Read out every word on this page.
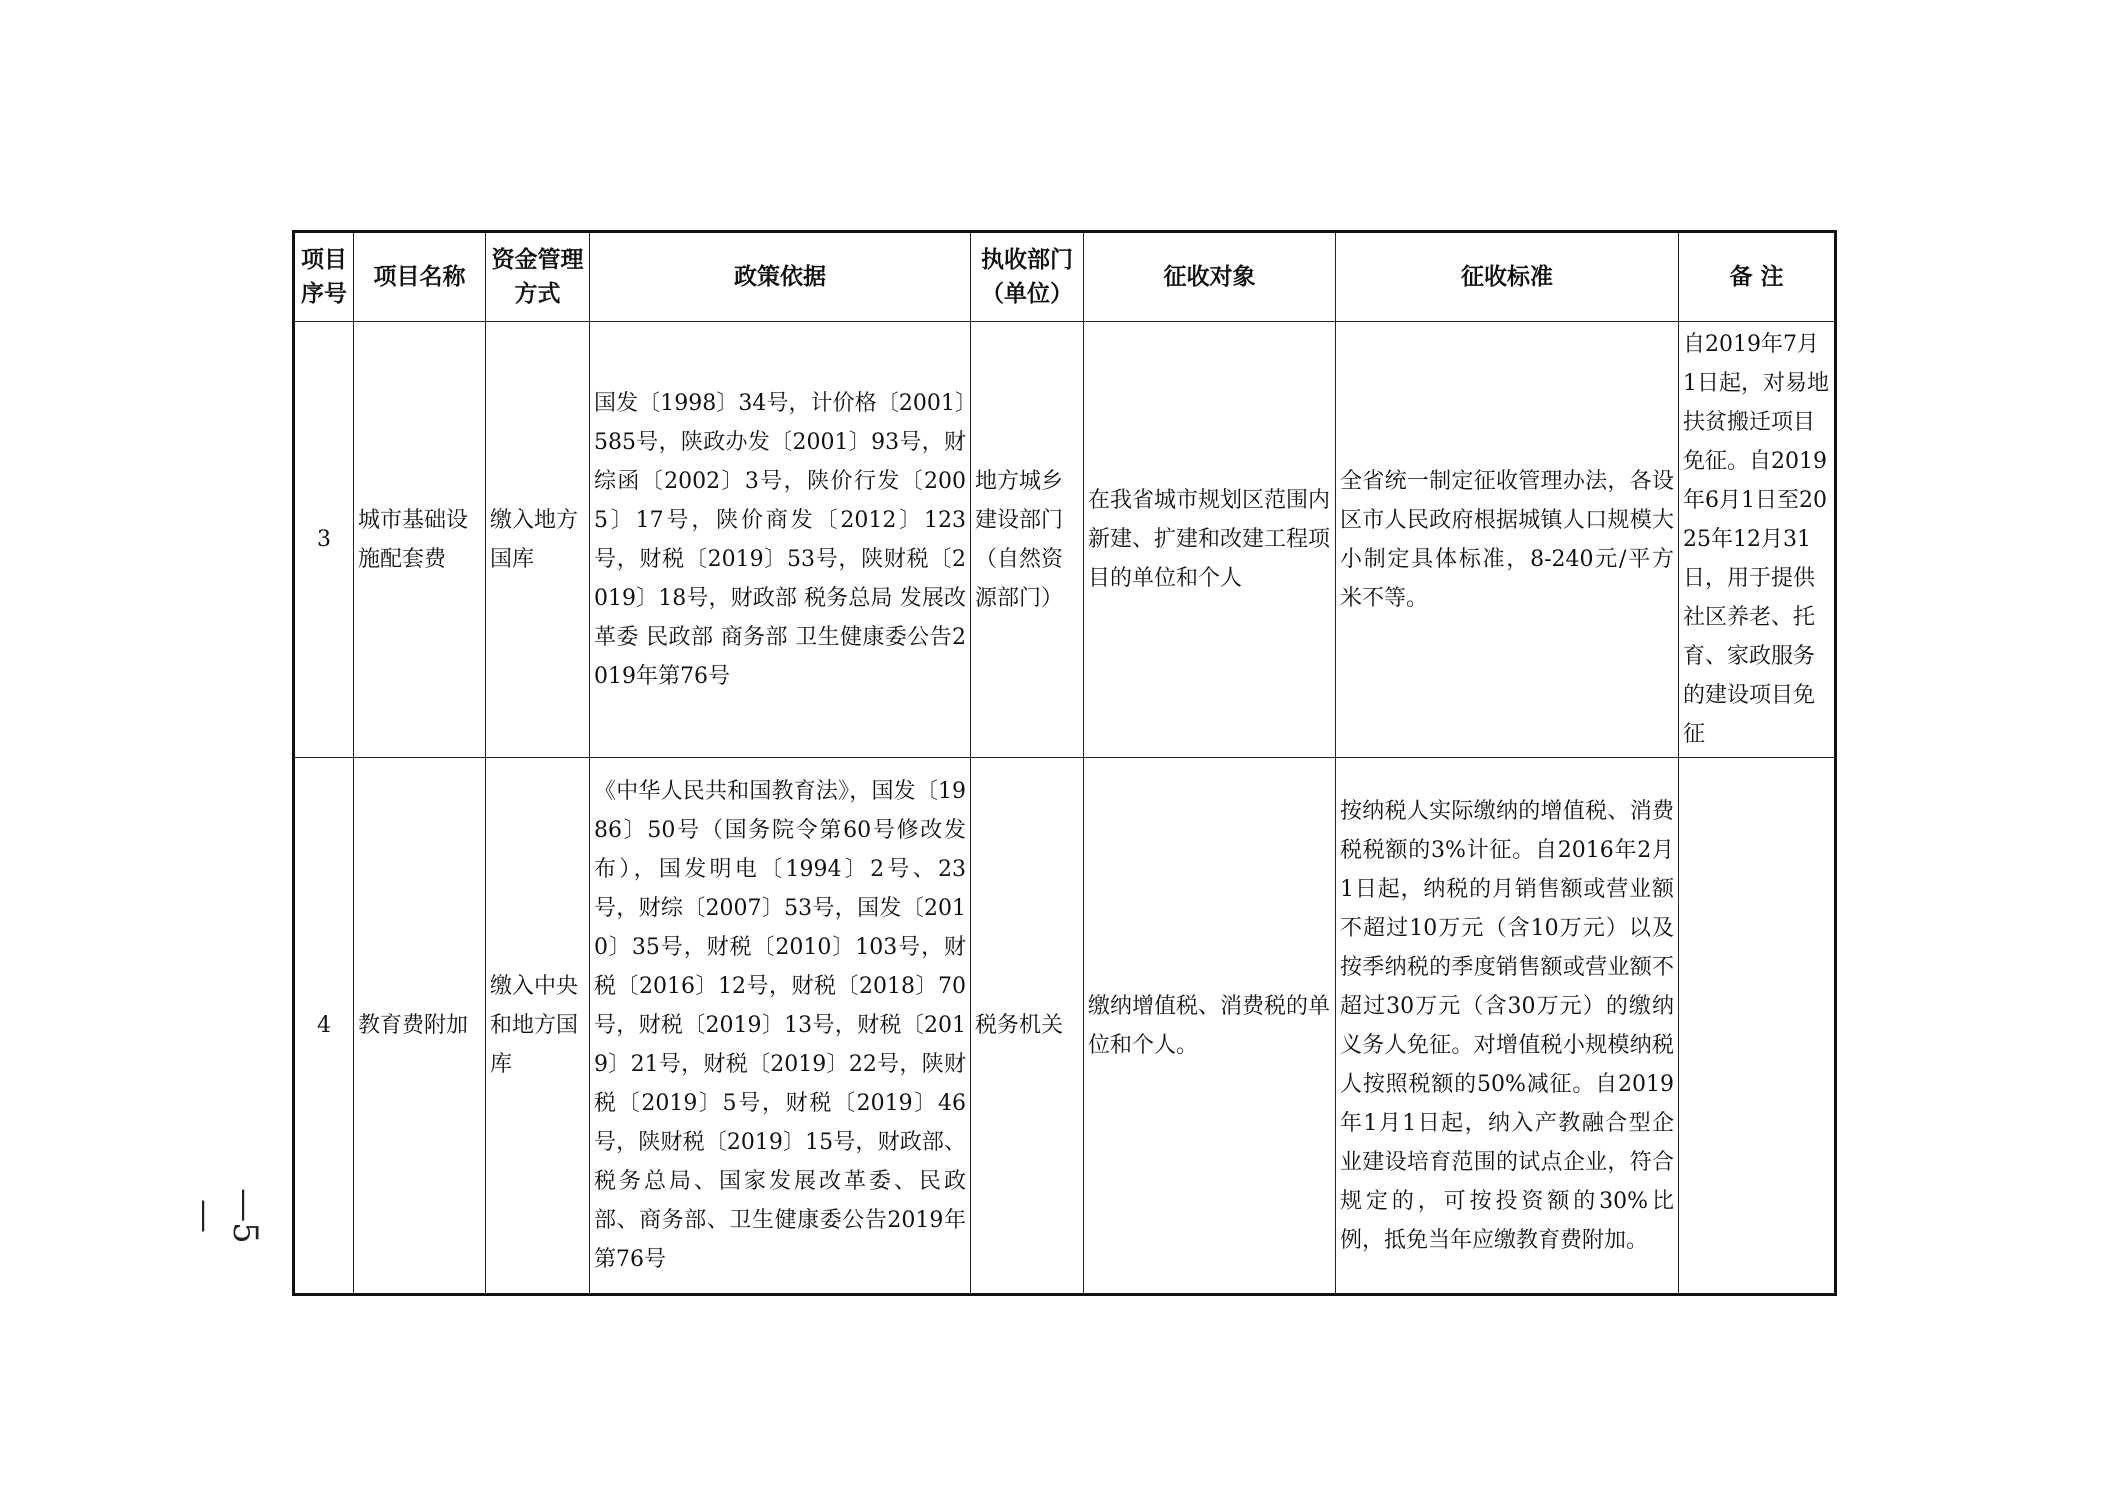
项目序号	项目名称	资金管理方式	政策依据	执收部门（单位）	征收对象	征收标准	备 注
3	城市基础设施配套费	缴入地方国库	国发〔1998〕34号，计价格〔2001〕585号，陕政办发〔2001〕93号，财综函〔2002〕3号，陕价行发〔2005〕17号，陕价商发〔2012〕123号，财税〔2019〕53号，陕财税〔2019〕18号，财政部 税务总局 发展改革委 民政部 商务部 卫生健康委公告2019年第76号	地方城乡建设部门（自然资源部门）	在我省城市规划区范围内新建、扩建和改建工程项目的单位和个人	全省统一制定征收管理办法，各设区市人民政府根据城镇人口规模大小制定具体标准，8-240元/平方米不等。	自2019年7月1日起，对易地扶贫搬迁项目免征。自2019年6月1日至2025年12月31日，用于提供社区养老、托育、家政服务的建设项目免征
4	教育费附加	缴入中央和地方国库	《中华人民共和国教育法》，国发〔1986〕50号（国务院令第60号修改发布），国发明电〔1994〕2号、23号，财综〔2007〕53号，国发〔2010〕35号，财税〔2010〕103号，财税〔2016〕12号，财税〔2018〕70号，财税〔2019〕13号，财税〔2019〕21号，财税〔2019〕22号，陕财税〔2019〕5号，财税〔2019〕46号，陕财税〔2019〕15号，财政部、税务总局、国家发展改革委、民政部、商务部、卫生健康委公告2019年第76号	税务机关	缴纳增值税、消费税的单位和个人。	按纳税人实际缴纳的增值税、消费税税额的3%计征。自2016年2月1日起，纳税的月销售额或营业额不超过10万元（含10万元）以及按季纳税的季度销售额或营业额不超过30万元（含30万元）的缴纳义务人免征。对增值税小规模纳税人按照税额的50%减征。自2019年1月1日起，纳入产教融合型企业建设培育范围的试点企业，符合规定的，可按投资额的30%比例，抵免当年应缴教育费附加。	
—5—
